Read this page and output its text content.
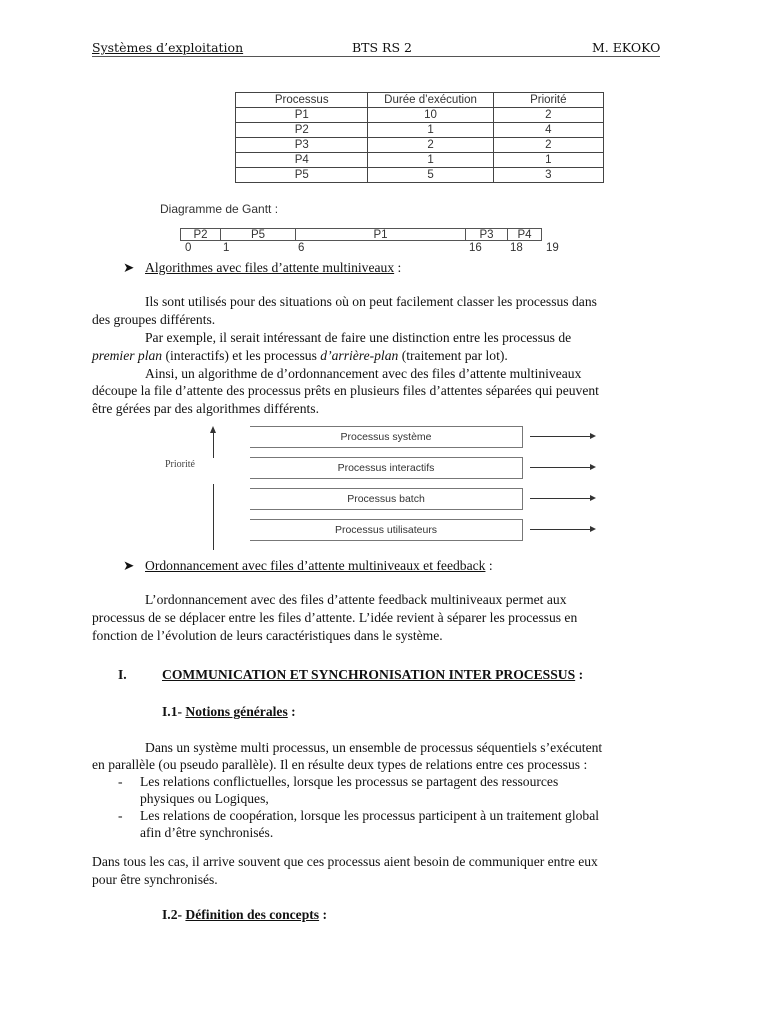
Systèmes d’exploitation	BTS RS 2	M. EKOKO
Processus	Durée d’exécution	Priorité
P1	10	2
P2	1	4
P3	2	2
P4	1	1
P5	5	3
Diagramme de Gantt :
P2	P5	P1	P3	P4
0	1	6	16 18 19
➤ Algorithmes avec files d’attente multiniveaux :
Ils sont utilisés pour des situations où on peut facilement classer les processus dans
des groupes différents.
Par exemple, il serait intéressant de faire une distinction entre les processus de
premier plan (interactifs) et les processus d’arrière-plan (traitement par lot).
Ainsi, un algorithme de d’ordonnancement avec des files d’attente multiniveaux
découpe la file d’attente des processus prêts en plusieurs files d’attentes séparées qui peuvent
être gérées par des algorithmes différents.
Priorité
Processus système
Processus interactifs
Processus batch
Processus utilisateurs
➤ Ordonnancement avec files d’attente multiniveaux et feedback :
L’ordonnancement avec des files d’attente feedback multiniveaux permet aux
processus de se déplacer entre les files d’attente. L’idée revient à séparer les processus en
fonction de l’évolution de leurs caractéristiques dans le système.
I.	COMMUNICATION ET SYNCHRONISATION INTER PROCESSUS :
I.1- Notions générales :
Dans un système multi processus, un ensemble de processus séquentiels s’exécutent
en parallèle (ou pseudo parallèle). Il en résulte deux types de relations entre ces processus :
- Les relations conflictuelles, lorsque les processus se partagent des ressources
physiques ou Logiques,
- Les relations de coopération, lorsque les processus participent à un traitement global
afin d’être synchronisés.
Dans tous les cas, il arrive souvent que ces processus aient besoin de communiquer entre eux
pour être synchronisés.
I.2- Définition des concepts :
